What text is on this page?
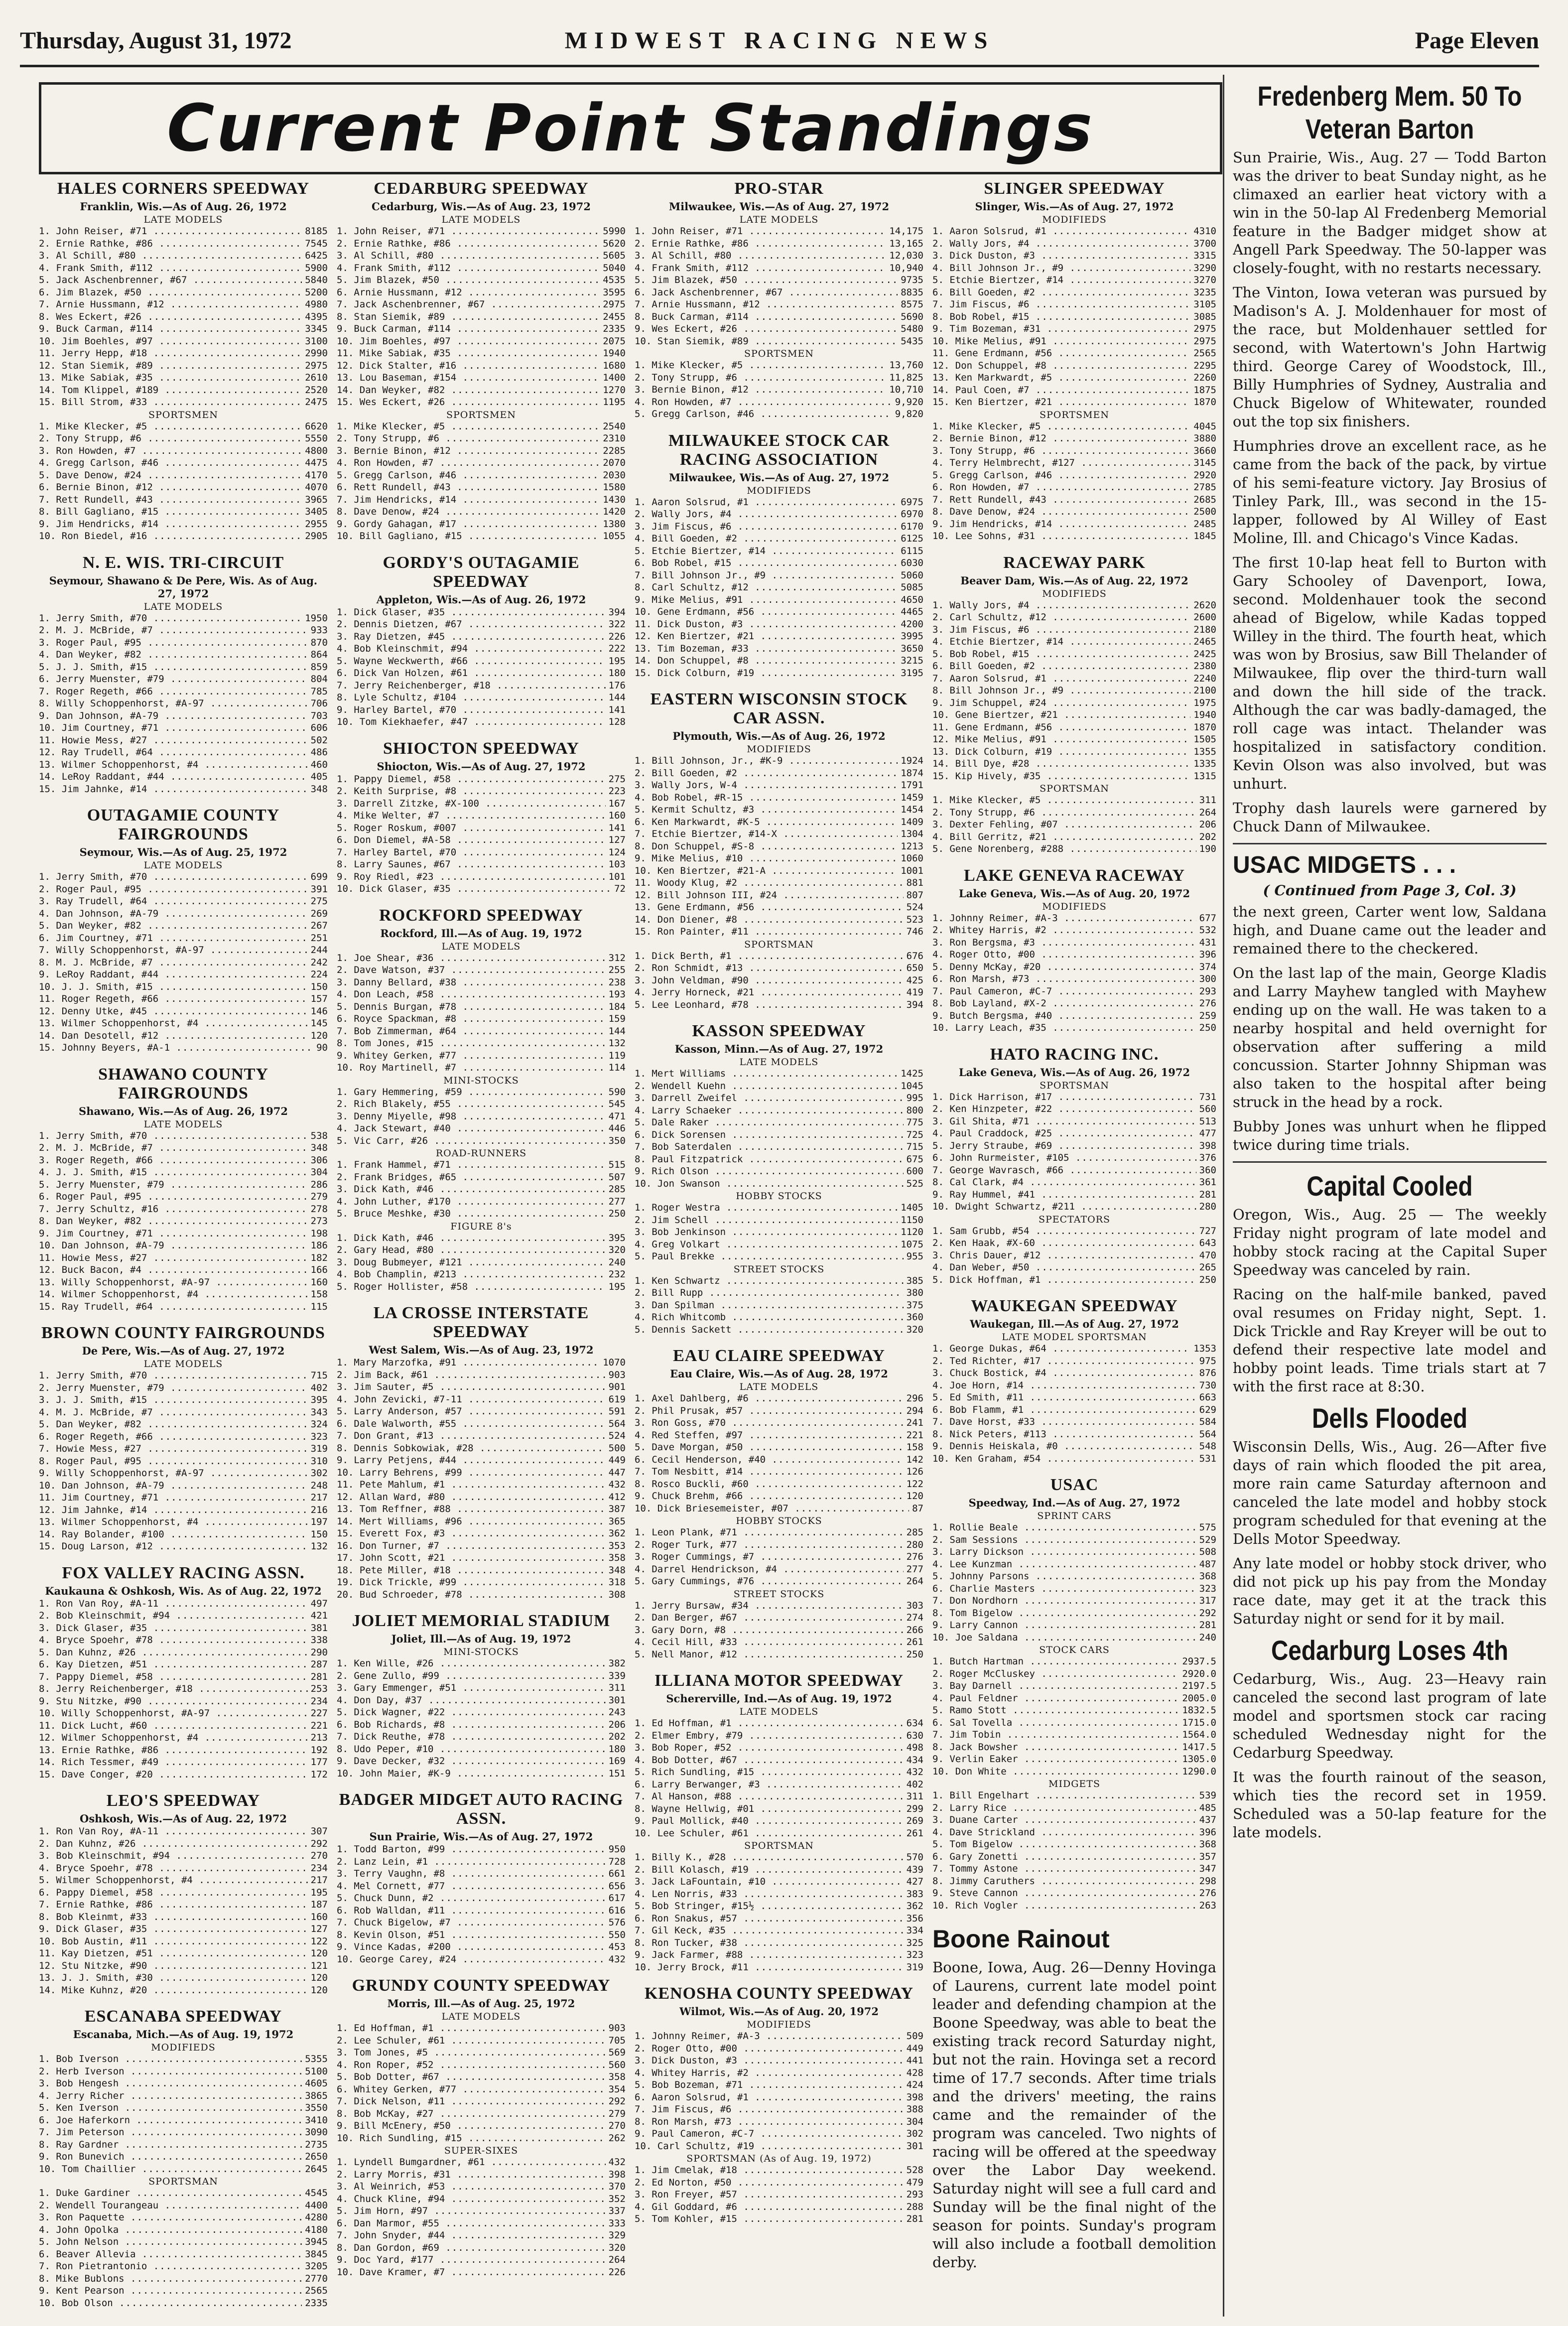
Thursday, August 31, 1972	MIDWEST RACING NEWS	Page Eleven
Current Point Standings
HALES CORNERS SPEEDWAY
Franklin, Wis.—As of Aug. 26, 1972
LATE MODELS
1. John Reiser, #71 .....	8185
2. Ernie Rathke, #86 .....	7545
3. Al Schill, #80 .....	6425
4. Frank Smith, #112 .....	5900
5. Jack Aschenbrenner, #67 .....	5840
6. Jim Blazek, #50 .....	5200
7. Arnie Hussmann, #12 .....	4980
8. Wes Eckert, #26 .....	4395
9. Buck Carman, #114 .....	3345
10. Jim Boehles, #97 .....	3100
11. Jerry Hepp, #18 .....	2990
12. Stan Siemik, #89 .....	2975
13. Mike Sabiak, #35 .....	2610
14. Tom Klippel, #189 .....	2520
15. Bill Strom, #33 .....	2475
SPORTSMEN
1. Mike Klecker, #5 .....	6620
2. Tony Strupp, #6 .....	5550
3. Ron Howden, #7 .....	4800
4. Gregg Carlson, #46 .....	4475
5. Dave Denow, #24 .....	4170
6. Bernie Binon, #12 .....	4070
7. Rett Rundell, #43 .....	3965
8. Bill Gagliano, #15 .....	3405
9. Jim Hendricks, #14 .....	2955
10. Ron Biedel, #16 .....	2905
N. E. WIS. TRI-CIRCUIT
Seymour, Shawano & De Pere, Wis. As of Aug. 27, 1972
LATE MODELS
1. Jerry Smith, #70 .....	1950
2. M. J. McBride, #7 .....	933
3. Roger Paul, #95 .....	870
4. Dan Weyker, #82 .....	864
5. J. J. Smith, #15 .....	859
6. Jerry Muenster, #79 .....	804
7. Roger Regeth, #66 .....	785
8. Willy Schoppenhorst, #A-97 .....	706
9. Dan Johnson, #A-79 .....	703
10. Jim Courtney, #71 .....	606
11. Howie Mess, #27 .....	502
12. Ray Trudell, #64 .....	486
13. Wilmer Schoppenhorst, #4 .....	460
14. LeRoy Raddant, #44 .....	405
15. Jim Jahnke, #14 .....	348
OUTAGAMIE COUNTY FAIRGROUNDS
Seymour, Wis.—As of Aug. 25, 1972
LATE MODELS
1. Jerry Smith, #70 .....	699
2. Roger Paul, #95 .....	391
3. Ray Trudell, #64 .....	275
4. Dan Johnson, #A-79 .....	269
5. Dan Weyker, #82 .....	267
6. Jim Courtney, #71 .....	251
7. Willy Schoppenhorst, #A-97 .....	244
8. M. J. McBride, #7 .....	242
9. LeRoy Raddant, #44 .....	224
10. J. J. Smith, #15 .....	150
11. Roger Regeth, #66 .....	157
12. Denny Utke, #45 .....	146
13. Wilmer Schoppenhorst, #4 .....	145
14. Dan Desotell, #12 .....	120
15. Johnny Beyers, #A-1 .....	90
SHAWANO COUNTY FAIRGROUNDS
Shawano, Wis.—As of Aug. 26, 1972
LATE MODELS
1. Jerry Smith, #70 .....	538
2. M. J. McBride, #7 .....	348
3. Roger Regeth, #66 .....	306
4. J. J. Smith, #15 .....	304
5. Jerry Muenster, #79 .....	286
6. Roger Paul, #95 .....	279
7. Jerry Schultz, #16 .....	278
8. Dan Weyker, #82 .....	273
9. Jim Courtney, #71 .....	198
10. Dan Johnson, #A-79 .....	186
11. Howie Mess, #27 .....	182
12. Buck Bacon, #4 .....	166
13. Willy Schoppenhorst, #A-97 .....	160
14. Wilmer Schoppenhorst, #4 .....	158
15. Ray Trudell, #64 .....	115
BROWN COUNTY FAIRGROUNDS
De Pere, Wis.—As of Aug. 27, 1972
LATE MODELS
1. Jerry Smith, #70 .....	715
2. Jerry Muenster, #79 .....	402
3. J. J. Smith, #15 .....	395
4. M. J. McBride, #7 .....	343
5. Dan Weyker, #82 .....	324
6. Roger Regeth, #66 .....	323
7. Howie Mess, #27 .....	319
8. Roger Paul, #95 .....	310
9. Willy Schoppenhorst, #A-97 .....	302
10. Dan Johnson, #A-79 .....	248
11. Jim Courtney, #71 .....	217
12. Jim Jahnke, #14 .....	216
13. Wilmer Schoppenhorst, #4 .....	197
14. Ray Bolander, #100 .....	150
15. Doug Larson, #12 .....	132
FOX VALLEY RACING ASSN.
Kaukauna & Oshkosh, Wis. As of Aug. 22, 1972
1. Ron Van Roy, #A-11 .....	497
2. Bob Kleinschmit, #94 .....	421
3. Dick Glaser, #35 .....	381
4. Bryce Spoehr, #78 .....	338
5. Dan Kuhnz, #26 .....	290
6. Kay Dietzen, #51 .....	287
7. Pappy Diemel, #58 .....	281
8. Jerry Reichenberger, #18 .....	253
9. Stu Nitzke, #90 .....	234
10. Willy Schoppenhorst, #A-97 .....	227
11. Dick Lucht, #60 .....	221
12. Wilmer Schoppenhorst, #4 .....	213
13. Ernie Rathke, #86 .....	192
14. Rich Tessmer, #49 .....	177
15. Dave Conger, #20 .....	172
LEO'S SPEEDWAY
Oshkosh, Wis.—As of Aug. 22, 1972
1. Ron Van Roy, #A-11 .....	307
2. Dan Kuhnz, #26 .....	292
3. Bob Kleinschmit, #94 .....	270
4. Bryce Spoehr, #78 .....	234
5. Wilmer Schoppenhorst, #4 .....	217
6. Pappy Diemel, #58 .....	195
7. Ernie Rathke, #86 .....	187
8. Bob Kleinmt, #33 .....	160
9. Dick Glaser, #35 .....	127
10. Bob Austin, #11 .....	122
11. Kay Dietzen, #51 .....	120
12. Stu Nitzke, #90 .....	121
13. J. J. Smith, #30 .....	120
14. Mike Kuhnz, #20 .....	120
ESCANABA SPEEDWAY
Escanaba, Mich.—As of Aug. 19, 1972
MODIFIEDS
1. Bob Iverson .....	5355
2. Herb Iverson .....	5100
3. Bob Hengesh .....	4605
4. Jerry Richer .....	3865
5. Ken Iverson .....	3550
6. Joe Haferkorn .....	3410
7. Jim Peterson .....	3090
8. Ray Gardner .....	2735
9. Ron Bunevich .....	2650
10. Tom Chaillier .....	2645
SPORTSMAN
1. Duke Gardiner .....	4545
2. Wendell Tourangeau .....	4400
3. Ron Paquette .....	4280
4. John Opolka .....	4180
5. John Nelson .....	3945
6. Beaver Allevia .....	3845
7. Ron Pietrantonio .....	3205
8. Mike Bublons .....	2770
9. Kent Pearson .....	2565
10. Bob Olson .....	2335
CEDARBURG SPEEDWAY
Cedarburg, Wis.—As of Aug. 23, 1972
LATE MODELS
1. John Reiser, #71 .....	5990
2. Ernie Rathke, #86 .....	5620
3. Al Schill, #80 .....	5605
4. Frank Smith, #112 .....	5040
5. Jim Blazek, #50 .....	4535
6. Arnie Hussmann, #12 .....	3595
7. Jack Aschenbrenner, #67 .....	2975
8. Stan Siemik, #89 .....	2455
9. Buck Carman, #114 .....	2335
10. Jim Boehles, #97 .....	2075
11. Mike Sabiak, #35 .....	1940
12. Dick Stalter, #16 .....	1680
13. Lou Baseman, #154 .....	1400
14. Dan Weyker, #82 .....	1270
15. Wes Eckert, #26 .....	1195
SPORTSMEN
1. Mike Klecker, #5 .....	2540
2. Tony Strupp, #6 .....	2310
3. Bernie Binon, #12 .....	2285
4. Ron Howden, #7 .....	2070
5. Gregg Carlson, #46 .....	2030
6. Rett Rundell, #43 .....	1580
7. Jim Hendricks, #14 .....	1430
8. Dave Denow, #24 .....	1420
9. Gordy Gahagan, #17 .....	1380
10. Bill Gagliano, #15 .....	1055
GORDY'S OUTAGAMIE SPEEDWAY
Appleton, Wis.—As of Aug. 26, 1972
1. Dick Glaser, #35 .....	394
2. Dennis Dietzen, #67 .....	322
3. Ray Dietzen, #45 .....	226
4. Bob Kleinschmit, #94 .....	222
5. Wayne Weckwerth, #66 .....	195
6. Dick Van Holzen, #61 .....	180
7. Jerry Reichenberger, #18 .....	176
8. Lyle Schultz, #104 .....	144
9. Harley Bartel, #70 .....	141
10. Tom Kiekhaefer, #47 .....	128
SHIOCTON SPEEDWAY
Shiocton, Wis.—As of Aug. 27, 1972
1. Pappy Diemel, #58 .....	275
2. Keith Surprise, #8 .....	223
3. Darrell Zitzke, #X-100 .....	167
4. Mike Welter, #7 .....	160
5. Roger Roskum, #007 .....	141
6. Don Diemel, #A-58 .....	127
7. Harley Bartel, #70 .....	124
8. Larry Saunes, #67 .....	103
9. Roy Riedl, #23 .....	101
10. Dick Glaser, #35 .....	72
ROCKFORD SPEEDWAY
Rockford, Ill.—As of Aug. 19, 1972
LATE MODELS
1. Joe Shear, #36 .....	312
2. Dave Watson, #37 .....	255
3. Danny Bellard, #38 .....	238
4. Don Leach, #58 .....	193
5. Dennis Burgan, #78 .....	184
6. Royce Spackman, #8 .....	159
7. Bob Zimmerman, #64 .....	144
8. Tom Jones, #15 .....	132
9. Whitey Gerken, #77 .....	119
10. Roy Martinell, #7 .....	114
MINI-STOCKS
1. Gary Hemmering, #59 .....	590
2. Rich Blakely, #55 .....	545
3. Denny Miyelle, #98 .....	471
4. Jack Stewart, #40 .....	446
5. Vic Carr, #26 .....	350
ROAD-RUNNERS
1. Frank Hammel, #71 .....	515
2. Frank Bridges, #65 .....	507
3. Dick Kath, #46 .....	285
4. John Luther, #170 .....	277
5. Bruce Meshke, #30 .....	250
FIGURE 8's
1. Dick Kath, #46 .....	395
2. Gary Head, #80 .....	320
3. Doug Bubmeyer, #121 .....	240
4. Bob Champlin, #213 .....	232
5. Roger Hollister, #58 .....	195
LA CROSSE INTERSTATE SPEEDWAY
West Salem, Wis.—As of Aug. 23, 1972
1. Mary Marzofka, #91 .....	1070
2. Jim Back, #61 .....	903
3. Jim Sauter, #5 .....	901
4. John Zevicki, #7-11 .....	619
5. Larry Anderson, #57 .....	591
6. Dale Walworth, #55 .....	564
7. Don Grant, #13 .....	524
8. Dennis Sobkowiak, #28 .....	500
9. Larry Petjens, #44 .....	449
10. Larry Behrens, #99 .....	447
11. Pete Mahlum, #1 .....	432
12. Allan Ward, #80 .....	412
13. Tom Reffner, #88 .....	387
14. Mert Williams, #96 .....	365
15. Everett Fox, #3 .....	362
16. Don Turner, #7 .....	353
17. John Scott, #21 .....	358
18. Pete Miller, #18 .....	348
19. Dick Trickle, #99 .....	318
20. Bud Schroeder, #78 .....	308
JOLIET MEMORIAL STADIUM
Joliet, Ill.—As of Aug. 19, 1972
MINI-STOCKS
1. Ken Wille, #26 .....	382
2. Gene Zullo, #99 .....	339
3. Gary Emmenger, #51 .....	311
4. Don Day, #37 .....	301
5. Dick Wagner, #22 .....	243
6. Bob Richards, #8 .....	206
7. Dick Reuthe, #78 .....	202
8. Udo Peper, #10 .....	180
9. Dave Decker, #32 .....	169
10. John Maier, #K-9 .....	151
BADGER MIDGET AUTO RACING ASSN.
Sun Prairie, Wis.—As of Aug. 27, 1972
1. Todd Barton, #99 .....	950
2. Lanz Lein, #1 .....	728
3. Terry Vaughn, #8 .....	661
4. Mel Cornett, #77 .....	656
5. Chuck Dunn, #2 .....	617
6. Rob Walldan, #11 .....	616
7. Chuck Bigelow, #7 .....	576
8. Kevin Olson, #51 .....	550
9. Vince Kadas, #200 .....	453
10. George Carey, #24 .....	432
GRUNDY COUNTY SPEEDWAY
Morris, Ill.—As of Aug. 25, 1972
LATE MODELS
1. Ed Hoffman, #1 .....	903
2. Lee Schuler, #61 .....	705
3. Tom Jones, #5 .....	569
4. Ron Roper, #52 .....	560
5. Bob Dotter, #67 .....	358
6. Whitey Gerken, #77 .....	354
7. Dick Nelson, #11 .....	292
8. Bob McKay, #27 .....	279
9. Bill McEnery, #50 .....	270
10. Rich Sundling, #15 .....	262
SUPER-SIXES
1. Lyndell Bumgardner, #61 .....	432
2. Larry Morris, #31 .....	398
3. Al Weinrich, #53 .....	370
4. Chuck Kline, #94 .....	352
5. Jim Horn, #97 .....	337
6. Dan Marmor, #55 .....	333
7. John Snyder, #44 .....	329
8. Dan Gordon, #69 .....	320
9. Doc Yard, #177 .....	264
10. Dave Kramer, #7 .....	226
PRO-STAR
Milwaukee, Wis.—As of Aug. 27, 1972
LATE MODELS
1. John Reiser, #71 .....	14,175
2. Ernie Rathke, #86 .....	13,165
3. Al Schill, #80 .....	12,030
4. Frank Smith, #112 .....	10,940
5. Jim Blazek, #50 .....	9735
6. Jack Aschenbrenner, #67 .....	8835
7. Arnie Hussmann, #12 .....	8575
8. Buck Carman, #114 .....	5690
9. Wes Eckert, #26 .....	5480
10. Stan Siemik, #89 .....	5435
SPORTSMEN
1. Mike Klecker, #5 .....	13,760
2. Tony Strupp, #6 .....	11,825
3. Bernie Binon, #12 .....	10,710
4. Ron Howden, #7 .....	9,920
5. Gregg Carlson, #46 .....	9,820
MILWAUKEE STOCK CAR RACING ASSOCIATION
Milwaukee, Wis.—As of Aug. 27, 1972
MODIFIEDS
1. Aaron Solsrud, #1 .....	6975
2. Wally Jors, #4 .....	6970
3. Jim Fiscus, #6 .....	6170
4. Bill Goeden, #2 .....	6125
5. Etchie Biertzer, #14 .....	6115
6. Bob Robel, #15 .....	6030
7. Bill Johnson Jr., #9 .....	5060
8. Carl Schultz, #12 .....	5085
9. Mike Melius, #91 .....	4650
10. Gene Erdmann, #56 .....	4465
11. Dick Duston, #3 .....	4200
12. Ken Biertzer, #21 .....	3995
13. Tim Bozeman, #33 .....	3650
14. Don Schuppel, #8 .....	3215
15. Dick Colburn, #19 .....	3195
EASTERN WISCONSIN STOCK CAR ASSN.
Plymouth, Wis.—As of Aug. 26, 1972
MODIFIEDS
1. Bill Johnson, Jr., #K-9 .....	1924
2. Bill Goeden, #2 .....	1874
3. Wally Jors, W-4 .....	1791
4. Bob Robel, #R-15 .....	1459
5. Kermit Schultz, #3 .....	1454
6. Ken Markwardt, #K-5 .....	1409
7. Etchie Biertzer, #14-X .....	1304
8. Don Schuppel, #S-8 .....	1213
9. Mike Melius, #10 .....	1060
10. Ken Biertzer, #21-A .....	1001
11. Woody Klug, #2 .....	881
12. Bill Johnson III, #24 .....	807
13. Gene Erdmann, #56 .....	524
14. Don Diener, #8 .....	523
15. Ron Painter, #11 .....	746
SPORTSMAN
1. Dick Berth, #1 .....	676
2. Ron Schmidt, #13 .....	650
3. John Veldman, #90 .....	425
4. Jerry Horneck, #21 .....	419
5. Lee Leonhard, #78 .....	394
KASSON SPEEDWAY
Kasson, Minn.—As of Aug. 27, 1972
LATE MODELS
1. Mert Williams .....	1425
2. Wendell Kuehn .....	1045
3. Darrell Zweifel .....	995
4. Larry Schaeker .....	800
5. Dale Raker .....	775
6. Dick Sorensen .....	725
7. Bob Saterdalen .....	715
8. Paul Fitzpatrick .....	675
9. Rich Olson .....	600
10. Jon Swanson .....	525
HOBBY STOCKS
1. Roger Westra .....	1405
2. Jim Schell .....	1150
3. Bob Jenkinson .....	1120
4. Greg Volkart .....	1075
5. Paul Brekke .....	955
STREET STOCKS
1. Ken Schwartz .....	385
2. Bill Rupp .....	380
3. Dan Spilman .....	375
4. Rich Whitcomb .....	360
5. Dennis Sackett .....	320
EAU CLAIRE SPEEDWAY
Eau Claire, Wis.—As of Aug. 28, 1972
LATE MODELS
1. Axel Dahlberg, #6 .....	296
2. Phil Prusak, #57 .....	294
3. Ron Goss, #70 .....	241
4. Red Steffen, #97 .....	221
5. Dave Morgan, #50 .....	158
6. Cecil Henderson, #40 .....	142
7. Tom Nesbitt, #14 .....	126
8. Rosco Buckli, #60 .....	122
9. Chuck Brehm, #66 .....	120
10. Dick Briesemeister, #07 .....	87
HOBBY STOCKS
1. Leon Plank, #71 .....	285
2. Roger Turk, #77 .....	280
3. Roger Cummings, #7 .....	276
4. Darrel Hendrickson, #4 .....	277
5. Gary Cummings, #76 .....	264
STREET STOCKS
1. Jerry Bursaw, #34 .....	303
2. Dan Berger, #67 .....	274
3. Gary Dorn, #8 .....	266
4. Cecil Hill, #33 .....	261
5. Nell Manor, #12 .....	250
ILLIANA MOTOR SPEEDWAY
Schererville, Ind.—As of Aug. 19, 1972
LATE MODELS
1. Ed Hoffman, #1 .....	634
2. Elmer Embry, #79 .....	630
3. Bob Roper, #52 .....	498
4. Bob Dotter, #67 .....	434
5. Rich Sundling, #15 .....	432
6. Larry Berwanger, #3 .....	402
7. Al Hanson, #88 .....	311
8. Wayne Hellwig, #01 .....	299
9. Paul Mollick, #40 .....	269
10. Lee Schuler, #61 .....	261
SPORTSMAN
1. Billy K., #28 .....	570
2. Bill Kolasch, #19 .....	439
3. Jack LaFountain, #10 .....	427
4. Len Norris, #33 .....	383
5. Bob Stringer, #15½ .....	362
6. Ron Snakus, #57 .....	356
7. Gil Keck, #35 .....	334
8. Ron Tucker, #38 .....	325
9. Jack Farmer, #88 .....	323
10. Jerry Brock, #11 .....	319
KENOSHA COUNTY SPEEDWAY
Wilmot, Wis.—As of Aug. 20, 1972
MODIFIEDS
1. Johnny Reimer, #A-3 .....	509
2. Roger Otto, #00 .....	449
3. Dick Duston, #3 .....	441
4. Whitey Harris, #2 .....	428
5. Bob Bozeman, #71 .....	424
6. Aaron Solsrud, #1 .....	398
7. Jim Fiscus, #6 .....	388
8. Ron Marsh, #73 .....	304
9. Paul Cameron, #C-7 .....	302
10. Carl Schultz, #19 .....	301
SPORTSMAN (As of Aug. 19, 1972)
1. Jim Cmelak, #18 .....	528
2. Ed Norton, #50 .....	479
3. Ron Freyer, #57 .....	293
4. Gil Goddard, #6 .....	288
5. Tom Kohler, #15 .....	281
SLINGER SPEEDWAY
Slinger, Wis.—As of Aug. 27, 1972
MODIFIEDS
1. Aaron Solsrud, #1 .....	4310
2. Wally Jors, #4 .....	3700
3. Dick Duston, #3 .....	3315
4. Bill Johnson Jr., #9 .....	3290
5. Etchie Biertzer, #14 .....	3270
6. Bill Goeden, #2 .....	3235
7. Jim Fiscus, #6 .....	3105
8. Bob Robel, #15 .....	3085
9. Tim Bozeman, #31 .....	2975
10. Mike Melius, #91 .....	2975
11. Gene Erdmann, #56 .....	2565
12. Don Schuppel, #8 .....	2295
13. Ken Markwardt, #5 .....	2260
14. Paul Coen, #7 .....	1875
15. Ken Biertzer, #21 .....	1870
SPORTSMEN
1. Mike Klecker, #5 .....	4045
2. Bernie Binon, #12 .....	3880
3. Tony Strupp, #6 .....	3660
4. Terry Helmbrecht, #127 .....	3145
5. Gregg Carlson, #46 .....	2920
6. Ron Howden, #7 .....	2785
7. Rett Rundell, #43 .....	2685
8. Dave Denow, #24 .....	2500
9. Jim Hendricks, #14 .....	2485
10. Lee Sohns, #31 .....	1845
RACEWAY PARK
Beaver Dam, Wis.—As of Aug. 22, 1972
MODIFIEDS
1. Wally Jors, #4 .....	2620
2. Carl Schultz, #12 .....	2600
3. Jim Fiscus, #6 .....	2180
4. Etchie Biertzer, #14 .....	2465
5. Bob Robel, #15 .....	2425
6. Bill Goeden, #2 .....	2380
7. Aaron Solsrud, #1 .....	2240
8. Bill Johnson Jr., #9 .....	2100
9. Jim Schuppel, #24 .....	1975
10. Gene Biertzer, #21 .....	1940
11. Gene Erdmann, #56 .....	1870
12. Mike Melius, #91 .....	1505
13. Dick Colburn, #19 .....	1355
14. Bill Dye, #28 .....	1335
15. Kip Hively, #35 .....	1315
SPORTSMAN
1. Mike Klecker, #5 .....	311
2. Tony Strupp, #6 .....	264
3. Dexter Fehling, #07 .....	206
4. Bill Gerritz, #21 .....	202
5. Gene Norenberg, #288 .....	190
LAKE GENEVA RACEWAY
Lake Geneva, Wis.—As of Aug. 20, 1972
MODIFIEDS
1. Johnny Reimer, #A-3 .....	677
2. Whitey Harris, #2 .....	532
3. Ron Bergsma, #3 .....	431
4. Roger Otto, #00 .....	396
5. Denny McKay, #20 .....	374
6. Ron Marsh, #73 .....	300
7. Paul Cameron, #C-7 .....	293
8. Bob Layland, #X-2 .....	276
9. Butch Bergsma, #40 .....	259
10. Larry Leach, #35 .....	250
HATO RACING INC.
Lake Geneva, Wis.—As of Aug. 26, 1972
SPORTSMAN
1. Dick Harrison, #17 .....	731
2. Ken Hinzpeter, #22 .....	560
3. Gil Shita, #71 .....	513
4. Paul Craddock, #25 .....	477
5. Jerry Straube, #69 .....	398
6. John Rurmeister, #105 .....	376
7. George Wavrasch, #66 .....	360
8. Cal Clark, #4 .....	361
9. Ray Hummel, #41 .....	281
10. Dwight Schwartz, #211 .....	280
SPECTATORS
1. Sam Grubb, #54 .....	727
2. Ken Haak, #X-60 .....	643
3. Chris Dauer, #12 .....	470
4. Dan Weber, #50 .....	265
5. Dick Hoffman, #1 .....	250
WAUKEGAN SPEEDWAY
Waukegan, Ill.—As of Aug. 27, 1972
LATE MODEL SPORTSMAN
1. George Dukas, #64 .....	1353
2. Ted Richter, #17 .....	975
3. Chuck Bostick, #4 .....	876
4. Joe Horn, #14 .....	730
5. Ed Smith, #11 .....	663
6. Bob Flamm, #1 .....	629
7. Dave Horst, #33 .....	584
8. Nick Peters, #113 .....	564
9. Dennis Heiskala, #0 .....	548
10. Ken Graham, #54 .....	531
USAC
Speedway, Ind.—As of Aug. 27, 1972
SPRINT CARS
1. Rollie Beale .....	575
2. Sam Sessions .....	529
3. Larry Dickson .....	508
4. Lee Kunzman .....	487
5. Johnny Parsons .....	368
6. Charlie Masters .....	323
7. Don Nordhorn .....	317
8. Tom Bigelow .....	292
9. Larry Cannon .....	281
10. Joe Saldana .....	240
STOCK CARS
1. Butch Hartman .....	2937.5
2. Roger McCluskey .....	2920.0
3. Bay Darnell .....	2197.5
4. Paul Feldner .....	2005.0
5. Ramo Stott .....	1832.5
6. Sal Tovella .....	1715.0
7. Jim Tobin .....	1564.0
8. Jack Bowsher .....	1417.5
9. Verlin Eaker .....	1305.0
10. Don White .....	1290.0
MIDGETS
1. Bill Engelhart .....	539
2. Larry Rice .....	485
3. Duane Carter .....	437
4. Dave Strickland .....	396
5. Tom Bigelow .....	368
6. Gary Zonetti .....	357
7. Tommy Astone .....	347
8. Jimmy Caruthers .....	298
9. Steve Cannon .....	276
10. Rich Vogler .....	263
Boone Rainout

Boone, Iowa, Aug. 26—Denny Hovinga of Laurens, current late model point leader and defending champion at the Boone Speedway, was able to beat the existing track record Saturday night, but not the rain. Hovinga set a record time of 17.7 seconds. After time trials and the drivers' meeting, the rains came and the remainder of the program was canceled. Two nights of racing will be offered at the speedway over the Labor Day weekend. Saturday night will see a full card and Sunday will be the final night of the season for points. Sunday's program will also include a football demolition derby.

Fredenberg Mem. 50 To Veteran Barton

Sun Prairie, Wis., Aug. 27 — Todd Barton was the driver to beat Sunday night, as he climaxed an earlier heat victory with a win in the 50-lap Al Fredenberg Memorial feature in the Badger midget show at Angell Park Speedway. The 50-lapper was closely-fought, with no restarts necessary.

The Vinton, Iowa veteran was pursued by Madison's A. J. Moldenhauer for most of the race, but Moldenhauer settled for second, with Watertown's John Hartwig third. George Carey of Woodstock, Ill., Billy Humphries of Sydney, Australia and Chuck Bigelow of Whitewater, rounded out the top six finishers.

Humphries drove an excellent race, as he came from the back of the pack, by virtue of his semi-feature victory. Jay Brosius of Tinley Park, Ill., was second in the 15-lapper, followed by Al Willey of East Moline, Ill. and Chicago's Vince Kadas.

The first 10-lap heat fell to Burton with Gary Schooley of Davenport, Iowa, second. Moldenhauer took the second ahead of Bigelow, while Kadas topped Willey in the third. The fourth heat, which was won by Brosius, saw Bill Thelander of Milwaukee, flip over the third-turn wall and down the hill side of the track. Although the car was badly-damaged, the roll cage was intact. Thelander was hospitalized in satisfactory condition. Kevin Olson was also involved, but was unhurt.

Trophy dash laurels were garnered by Chuck Dann of Milwaukee.

USAC MIDGETS . . .
( Continued from Page 3, Col. 3)

the next green, Carter went low, Saldana high, and Duane came out the leader and remained there to the checkered.

On the last lap of the main, George Kladis and Larry Mayhew tangled with Mayhew ending up on the wall. He was taken to a nearby hospital and held overnight for observation after suffering a mild concussion. Starter Johnny Shipman was also taken to the hospital after being struck in the head by a rock.

Bubby Jones was unhurt when he flipped twice during time trials.

Capital Cooled

Oregon, Wis., Aug. 25 — The weekly Friday night program of late model and hobby stock racing at the Capital Super Speedway was canceled by rain.

Racing on the half-mile banked, paved oval resumes on Friday night, Sept. 1. Dick Trickle and Ray Kreyer will be out to defend their respective late model and hobby point leads. Time trials start at 7 with the first race at 8:30.

Dells Flooded

Wisconsin Dells, Wis., Aug. 26—After five days of rain which flooded the pit area, more rain came Saturday afternoon and canceled the late model and hobby stock program scheduled for that evening at the Dells Motor Speedway.

Any late model or hobby stock driver, who did not pick up his pay from the Monday race date, may get it at the track this Saturday night or send for it by mail.

Cedarburg Loses 4th

Cedarburg, Wis., Aug. 23—Heavy rain canceled the second last program of late model and sportsmen stock car racing scheduled Wednesday night for the Cedarburg Speedway.

It was the fourth rainout of the season, which ties the record set in 1959. Scheduled was a 50-lap feature for the late models.
